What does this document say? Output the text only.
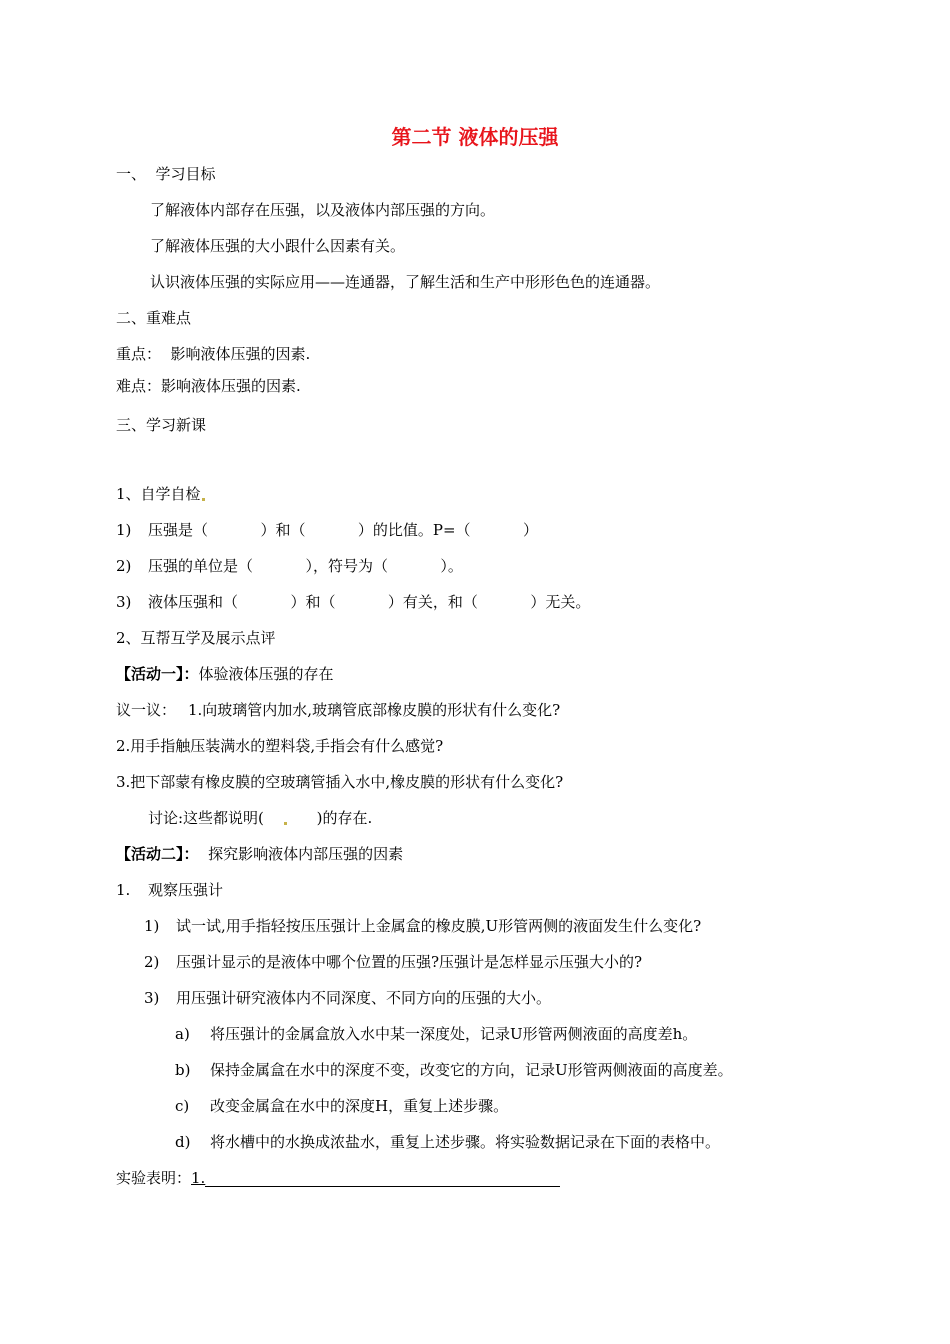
第二节 液体的压强
一、  学习目标
了解液体内部存在压强，以及液体内部压强的方向。
了解液体压强的大小跟什么因素有关。
认识液体压强的实际应用——连通器，了解生活和生产中形形色色的连通器。
二、重难点
重点：  影响液体压强的因素.
难点：影响液体压强的因素.
三、学习新课
1、自学自检
1) 压强是（           ）和（           ）的比值。P=（           ）
2) 压强的单位是（           ），符号为（           ）。
3) 液体压强和（           ）和（           ）有关，和（           ）无关。
2、互帮互学及展示点评
【活动一】：体验液体压强的存在
议一议： 1.向玻璃管内加水,玻璃管底部橡皮膜的形状有什么变化?
2.用手指触压装满水的塑料袋,手指会有什么感觉?
3.把下部蒙有橡皮膜的空玻璃管插入水中,橡皮膜的形状有什么变化?
讨论:这些都说明(	)的存在.
【活动二】： 探究影响液体内部压强的因素
1. 观察压强计
1) 试一试,用手指轻按压压强计上金属盒的橡皮膜,U形管两侧的液面发生什么变化?
2) 压强计显示的是液体中哪个位置的压强?压强计是怎样显示压强大小的?
3) 用压强计研究液体内不同深度、不同方向的压强的大小。
a) 将压强计的金属盒放入水中某一深度处，记录U形管两侧液面的高度差h。
b) 保持金属盒在水中的深度不变，改变它的方向，记录U形管两侧液面的高度差。
c) 改变金属盒在水中的深度H，重复上述步骤。
d) 将水槽中的水换成浓盐水，重复上述步骤。将实验数据记录在下面的表格中。
实验表明：1.
